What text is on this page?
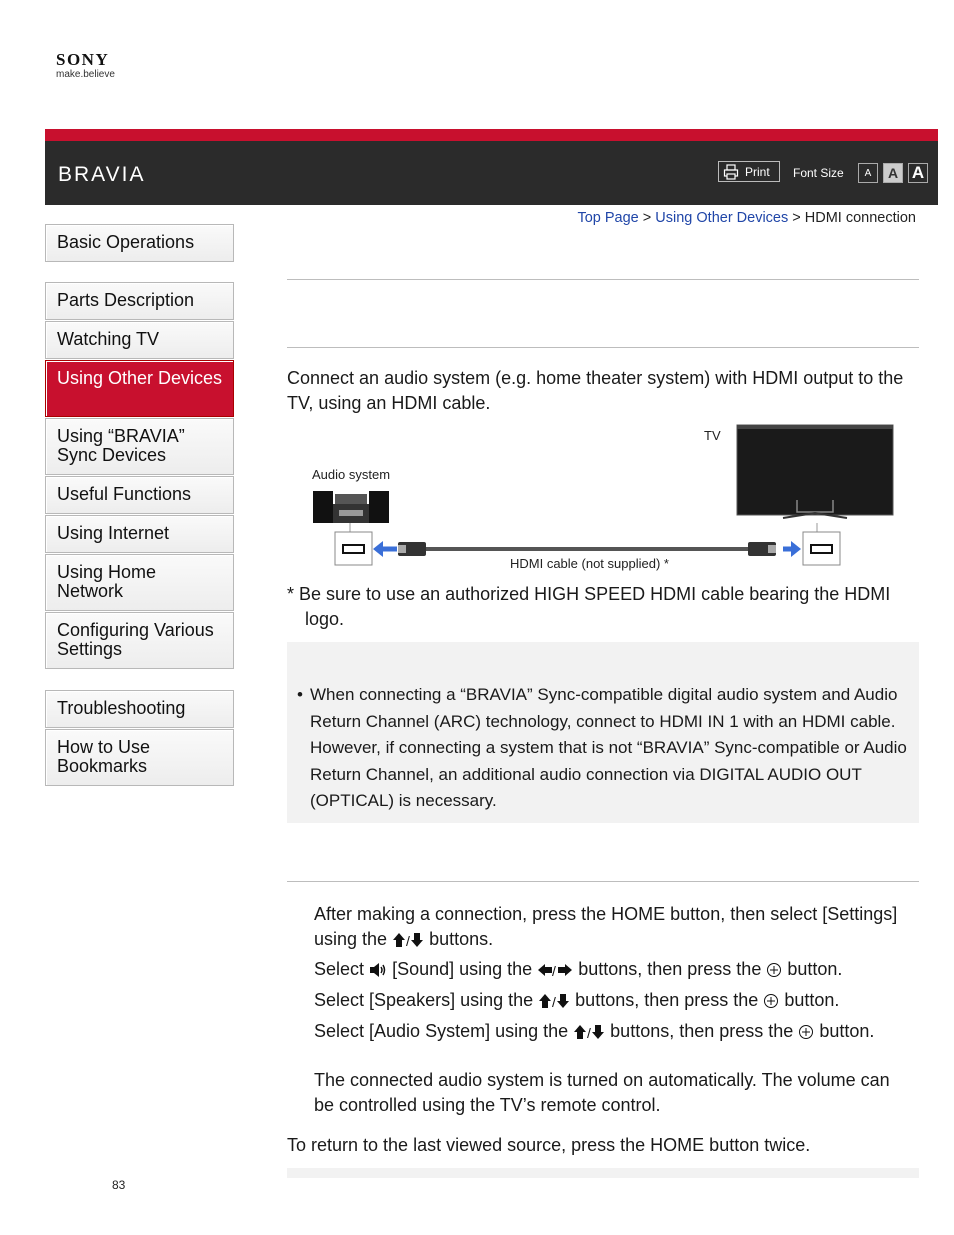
SONY
make.believe
BRAVIA	Print Font Size	A	A A
Top Page > Using Other Devices > HDMI connection
Basic Operations
Parts Description
Watching TV
Using Other Devices
Using “BRAVIA” Sync Devices
Useful Functions
Using Internet
Using Home Network
Configuring Various Settings
Troubleshooting
How to Use Bookmarks
Connect an audio system (e.g. home theater system) with HDMI output to the TV, using an HDMI cable.
TV
Audio system
HDMI cable (not supplied) *
* Be sure to use an authorized HIGH SPEED HDMI cable bearing the HDMI logo.
• When connecting a “BRAVIA” Sync-compatible digital audio system and Audio Return Channel (ARC) technology, connect to HDMI IN 1 with an HDMI cable. However, if connecting a system that is not “BRAVIA” Sync-compatible or Audio Return Channel, an additional audio connection via DIGITAL AUDIO OUT (OPTICAL) is necessary.
After making a connection, press the HOME button, then select [Settings] using the / buttons.
Select [Sound] using the / buttons, then press the button.
Select [Speakers] using the / buttons, then press the button.
Select [Audio System] using the / buttons, then press the button.
The connected audio system is turned on automatically. The volume can be controlled using the TV’s remote control.
To return to the last viewed source, press the HOME button twice.
83
